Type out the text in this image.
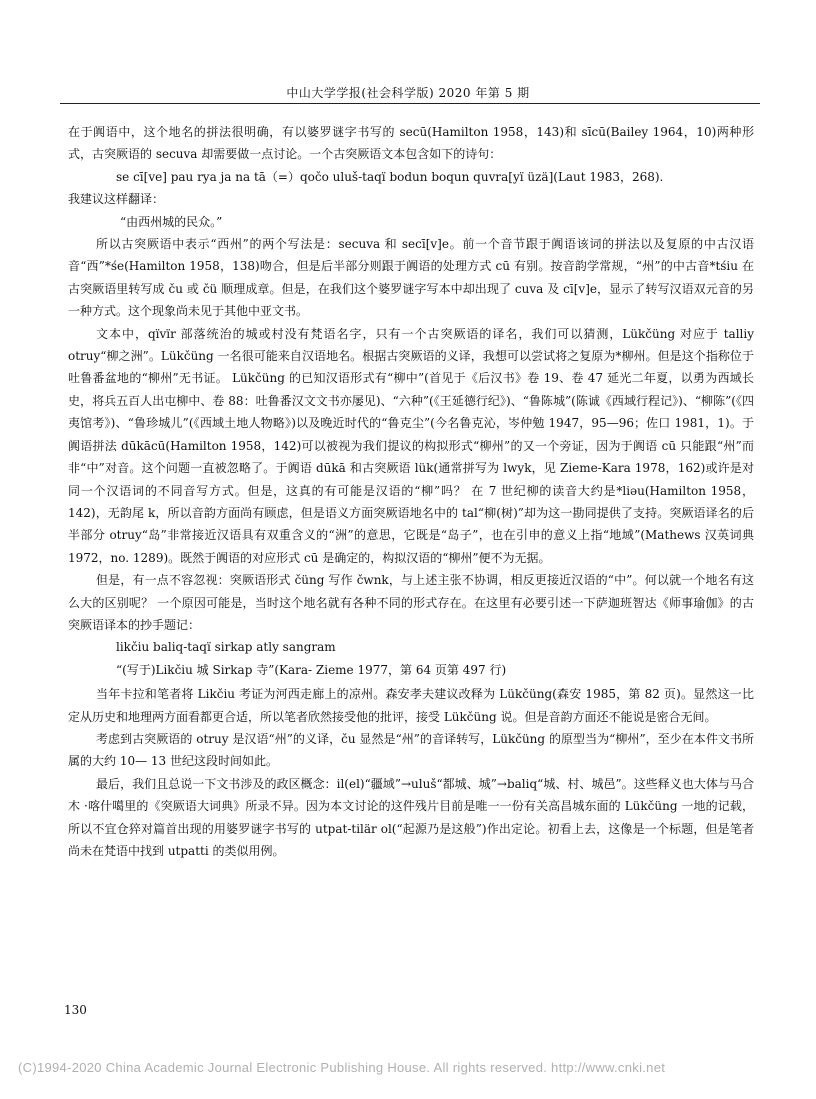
中山大学学报(社会科学版) 2020 年第 5 期

在于阗语中，这个地名的拼法很明确，有以婆罗谜字书写的 secū(Hamilton 1958，143)和 sīcū(Bailey 1964，10)两种形式，古突厥语的 secuva 却需要做一点讨论。一个古突厥语文本包含如下的诗句：

se cī[ve] pau rya ja na tā（=）qočo uluš-taqï bodun boqun quvra[yï üzä](Laut 1983，268).

我建议这样翻译：

“由西州城的民众。”

所以古突厥语中表示“西州”的两个写法是：secuva 和 secī[v]e。前一个音节跟于阗语该词的拼法以及复原的中古汉语音“西”*śe(Hamilton 1958，138)吻合，但是后半部分则跟于阗语的处理方式 cū 有别。按音韵学常规，“州”的中古音*tśiu 在古突厥语里转写成 ču 或 čü 顺理成章。但是，在我们这个婆罗谜字写本中却出现了 cuva 及 cī[v]e，显示了转写汉语双元音的另一种方式。这个现象尚未见于其他中亚文书。

文本中，qïvïr 部落统治的城或村没有梵语名字，只有一个古突厥语的译名，我们可以猜测，Lükčüng 对应于 talliy otruy“柳之洲”。Lükčüng 一名很可能来自汉语地名。根据古突厥语的义译，我想可以尝试将之复原为*柳州。但是这个指称位于吐鲁番盆地的“柳州”无书证。 Lükčüng 的已知汉语形式有“柳中”(首见于《后汉书》卷 19、卷 47 延光二年夏，以勇为西域长史，将兵五百人出屯柳中、卷 88：吐鲁番汉文文书亦屡见)、“六种”(《王延德行纪》)、“鲁陈城”(陈诚《西域行程记》)、“柳陈”(《四夷馆考》)、“鲁珍城儿”(《西域土地人物略》)以及晚近时代的“鲁克尘”(今名鲁克沁，岑仲勉 1947，95—96；佐口 1981，1)。于阗语拼法 dūkācū(Hamilton 1958，142)可以被视为我们提议的构拟形式“柳州”的又一个旁证，因为于阗语 cū 只能跟“州”而非“中”对音。这个问题一直被忽略了。于阗语 dūkā 和古突厥语 lük(通常拼写为 lwyk，见 Zieme-Kara 1978，162)或许是对同一个汉语词的不同音写方式。但是，这真的有可能是汉语的“柳”吗？ 在 7 世纪柳的读音大约是*liəu(Hamilton 1958，142)，无韵尾 k，所以音韵方面尚有顾虑，但是语义方面突厥语地名中的 tal“柳(树)”却为这一勘同提供了支持。突厥语译名的后半部分 otruy“岛”非常接近汉语具有双重含义的“洲”的意思，它既是“岛子”，也在引申的意义上指“地域”(Mathews 汉英词典 1972，no. 1289)。既然于阗语的对应形式 cū 是确定的，构拟汉语的“柳州”便不为无据。

但是，有一点不容忽视：突厥语形式 čüng 写作 čwnk，与上述主张不协调，相反更接近汉语的“中”。何以就一个地名有这么大的区别呢？ 一个原因可能是，当时这个地名就有各种不同的形式存在。在这里有必要引述一下萨迦班智达《师事瑜伽》的古突厥语译本的抄手题记：

likčiu baliq-taqï sirkap atly sangram

“(写于)Likčiu 城 Sirkap 寺”(Kara- Zieme 1977，第 64 页第 497 行)

当年卡拉和笔者将 Likčiu 考证为河西走廊上的凉州。森安孝夫建议改释为 Lükčüng(森安 1985，第 82 页)。显然这一比定从历史和地理两方面看都更合适，所以笔者欣然接受他的批评，接受 Lükčüng 说。但是音韵方面还不能说是密合无间。

考虑到古突厥语的 otruy 是汉语“州”的义译，ču 显然是“州”的音译转写，Lükčüng 的原型当为“柳州”，至少在本件文书所属的大约 10— 13 世纪这段时间如此。

最后，我们且总说一下文书涉及的政区概念：il(el)“疆域”→uluš“都城、城”→baliq“城、村、城邑”。这些释义也大体与马合木 ·喀什噶里的《突厥语大词典》所录不异。因为本文讨论的这件残片目前是唯一一份有关高昌城东面的 Lükčüng 一地的记载，所以不宜仓猝对篇首出现的用婆罗谜字书写的 utpat-tilär ol(“起源乃是这般”)作出定论。初看上去，这像是一个标题，但是笔者尚未在梵语中找到 utpatti 的类似用例。

130
(C)1994-2020 China Academic Journal Electronic Publishing House. All rights reserved. http://www.cnki.net
